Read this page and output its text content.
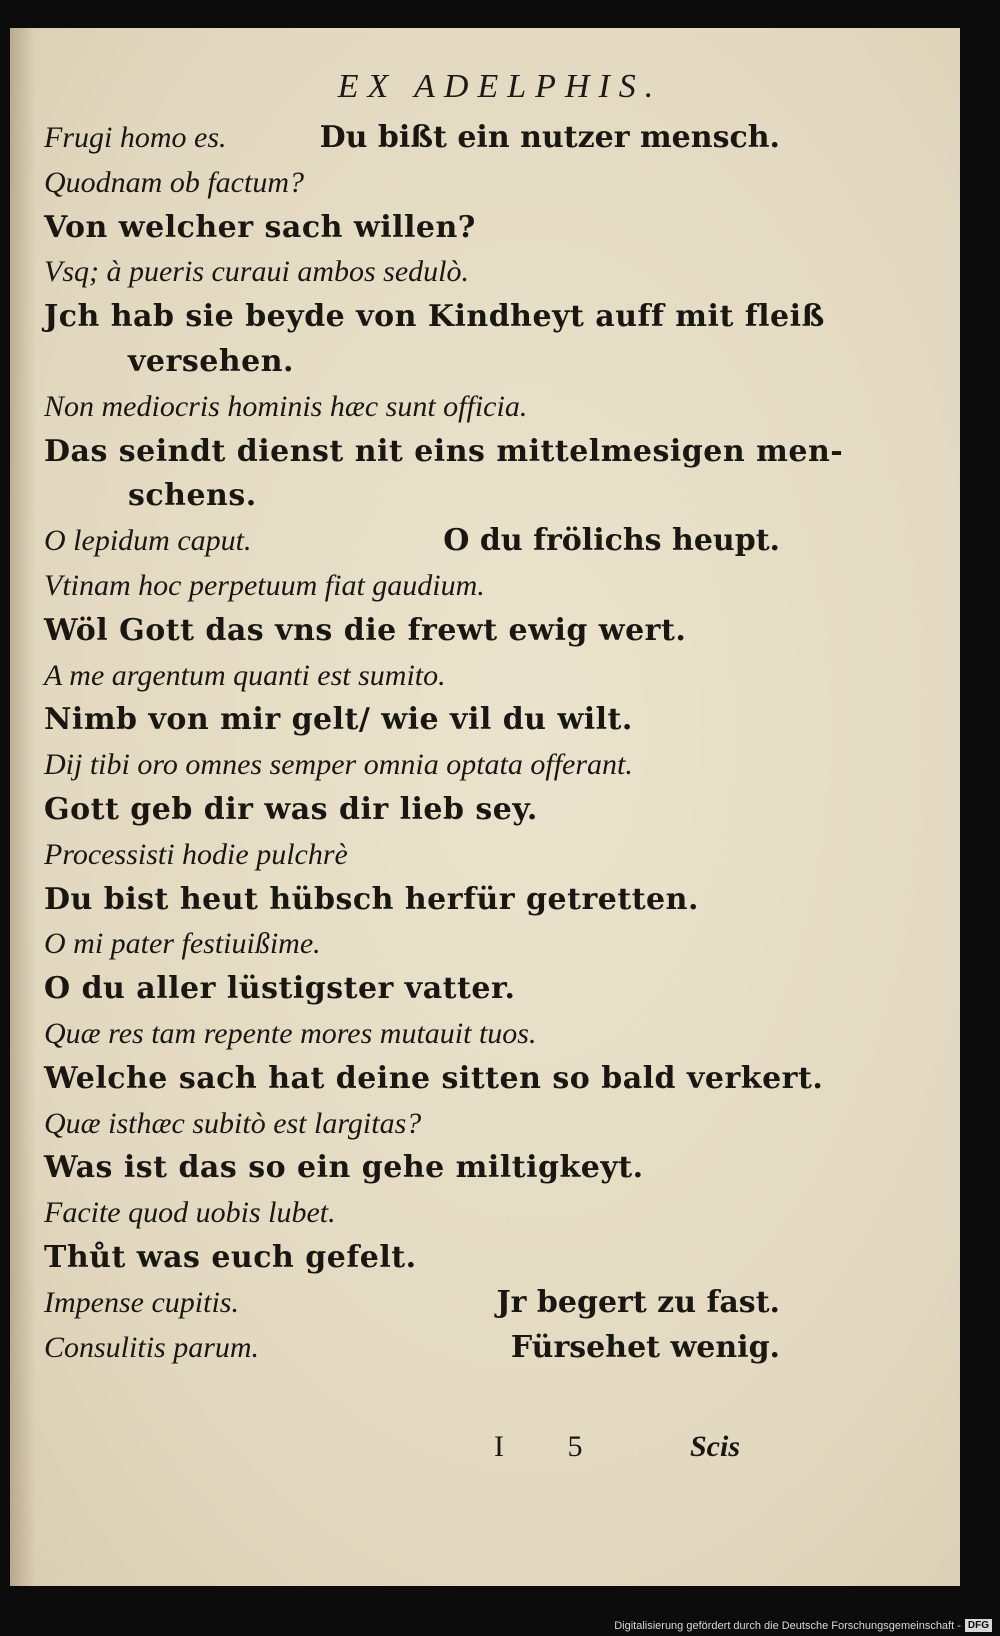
EX ADELPHIS.
Frugi homo es.	Du bißt ein nutzer mensch.
Quodnam ob factum?
Von welcher sach willen?
Vsq; à pueris curaui ambos sedulò.
Jch hab sie beyde von Kindheyt auff mit fleiß
versehen.
Non mediocris hominis hæc sunt officia.
Das seindt dienst nit eins mittelmesigen men-
schens.
O lepidum caput.	O du frölichs heupt.
Vtinam hoc perpetuum fiat gaudium.
Wöl Gott das vns die frewt ewig wert.
A me argentum quanti est sumito.
Nimb von mir gelt/ wie vil du wilt.
Dij tibi oro omnes semper omnia optata offerant.
Gott geb dir was dir lieb sey.
Processisti hodie pulchrè
Du bist heut hübsch herfür getretten.
O mi pater festiuißime.
O du aller lüstigster vatter.
Quæ res tam repente mores mutauit tuos.
Welche sach hat deine sitten so bald verkert.
Quæ isthæc subitò est largitas?
Was ist das so ein gehe miltigkeyt.
Facite quod uobis lubet.
Thůt was euch gefelt.
Impense cupitis.	Jr begert zu fast.
Consulitis parum.	Fürsehet wenig.
I 5	Scis
Digitalisierung gefördert durch die Deutsche Forschungsgemeinschaft - DFG
